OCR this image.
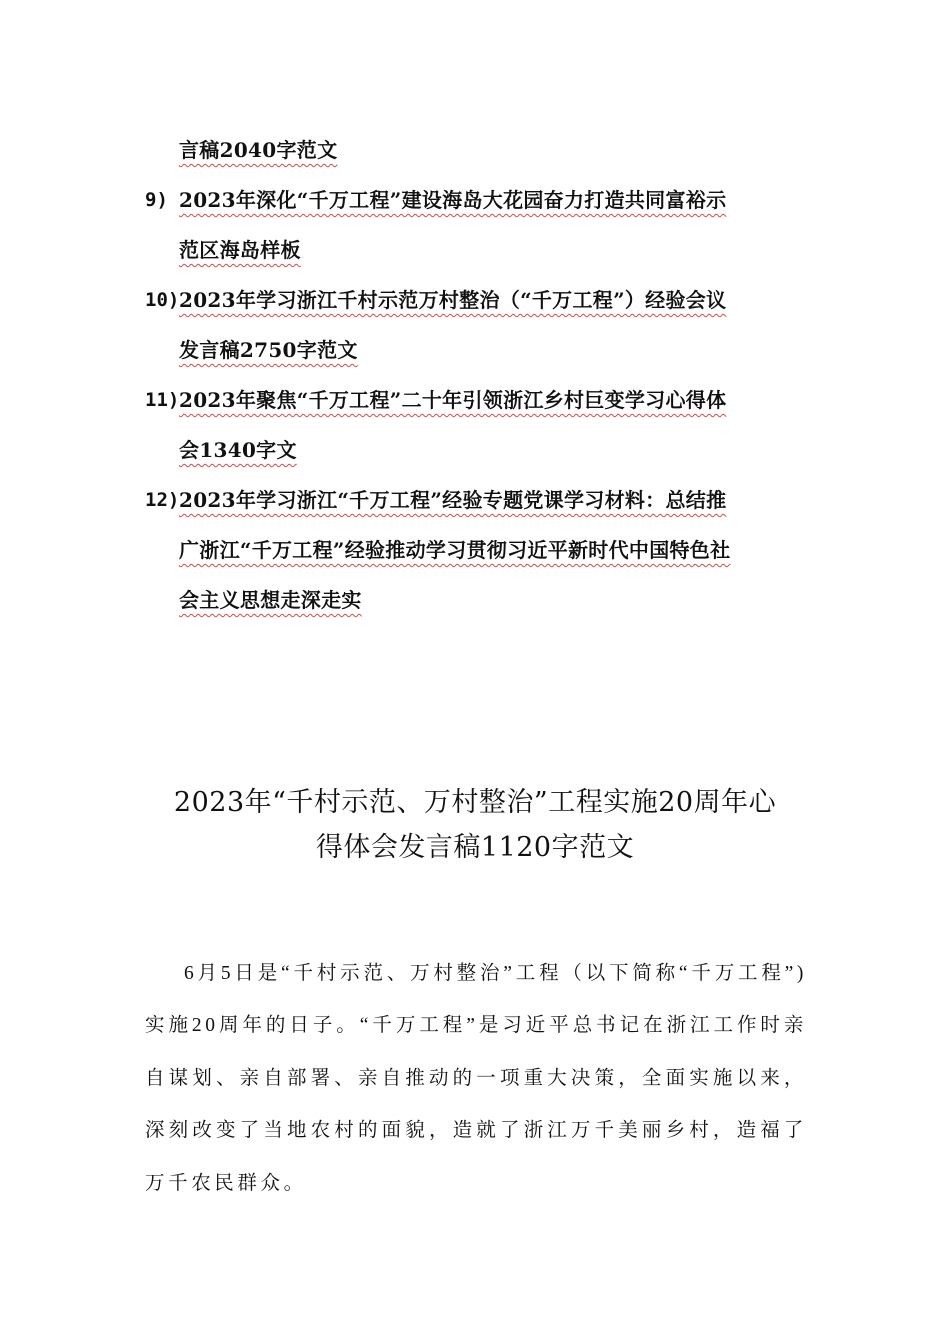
言稿2040字范文
9) 2023年深化“千万工程”建设海岛大花园奋力打造共同富裕示
范区海岛样板
10) 2023年学习浙江千村示范万村整治（“千万工程”）经验会议
发言稿2750字范文
11) 2023年聚焦“千万工程”二十年引领浙江乡村巨变学习心得体
会1340字文
12) 2023年学习浙江“千万工程”经验专题党课学习材料：总结推
广浙江“千万工程”经验推动学习贯彻习近平新时代中国特色社
会主义思想走深走实
2023年“千村示范、万村整治”工程实施20周年心
得体会发言稿1120字范文

6月5日是“千村示范、万村整治”工程（以下简称“千万工程”)实施20周年的日子。“千万工程”是习近平总书记在浙江工作时亲自谋划、亲自部署、亲自推动的一项重大决策，全面实施以来，深刻改变了当地农村的面貌，造就了浙江万千美丽乡村，造福了万千农民群众。
